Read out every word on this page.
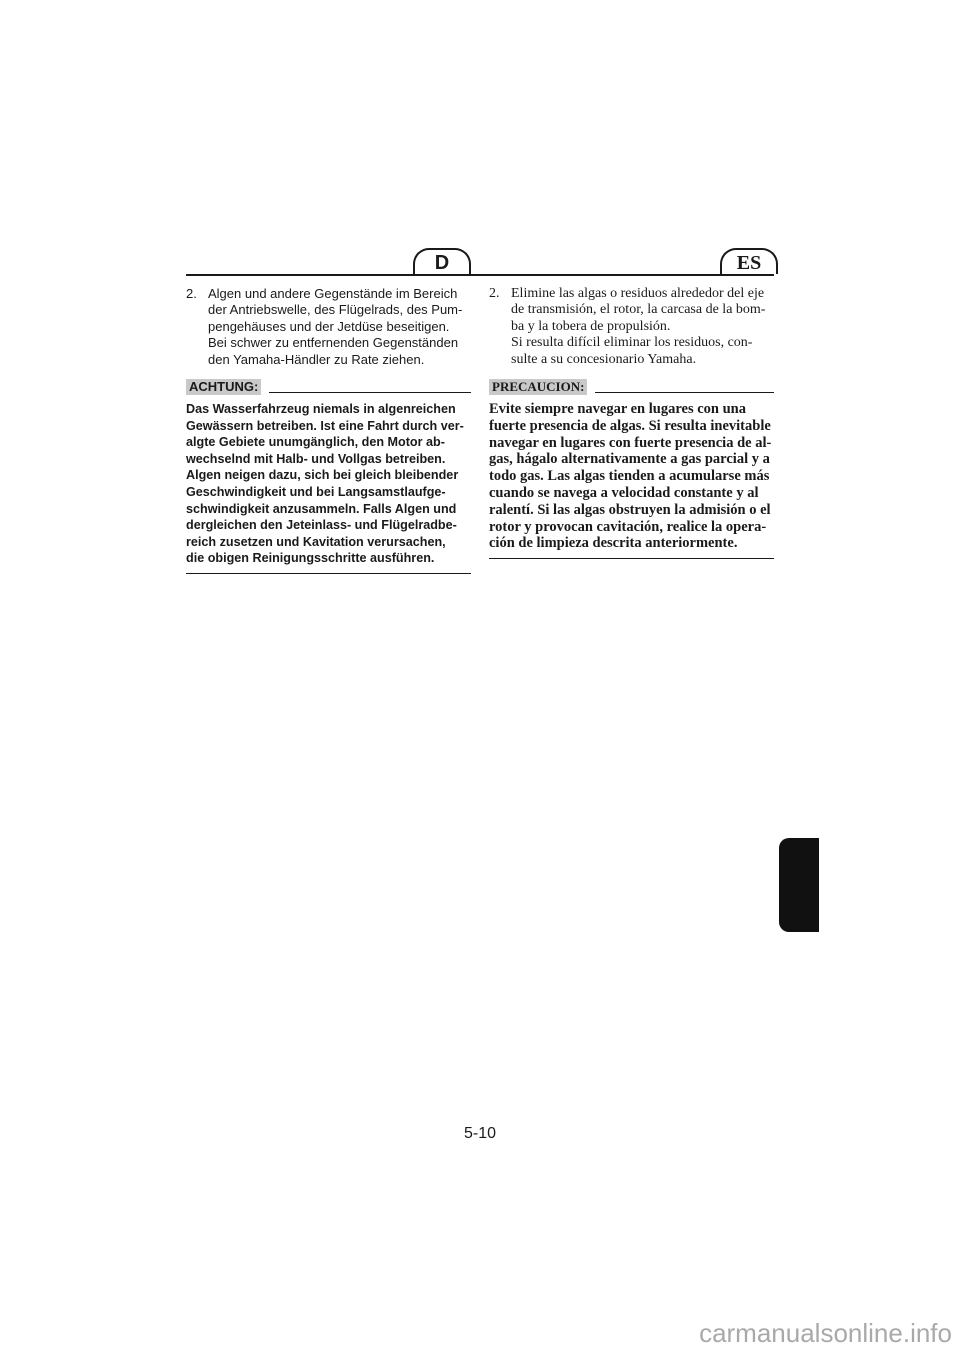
D	ES
2. Algen und andere Gegenstände im Bereich

der Antriebswelle, des Flügelrads, des Pum-

pengehäuses und der Jetdüse beseitigen.

Bei schwer zu entfernenden Gegenständen

den Yamaha-Händler zu Rate ziehen.

ACHTUNG:
Das Wasserfahrzeug niemals in algenreichen
Gewässern betreiben. Ist eine Fahrt durch ver-
algte Gebiete unumgänglich, den Motor ab-
wechselnd mit Halb- und Vollgas betreiben.
Algen neigen dazu, sich bei gleich bleibender
Geschwindigkeit und bei Langsamstlaufge-
schwindigkeit anzusammeln. Falls Algen und
dergleichen den Jeteinlass- und Flügelradbe-
reich zusetzen und Kavitation verursachen,
die obigen Reinigungsschritte ausführen.
2. Elimine las algas o residuos alrededor del eje

de transmisión, el rotor, la carcasa de la bom-

ba y la tobera de propulsión.

Si resulta difícil eliminar los residuos, con-

sulte a su concesionario Yamaha.

PRECAUCION:
Evite siempre navegar en lugares con una
fuerte presencia de algas. Si resulta inevitable
navegar en lugares con fuerte presencia de al-
gas, hágalo alternativamente a gas parcial y a
todo gas. Las algas tienden a acumularse más
cuando se navega a velocidad constante y al
ralentí. Si las algas obstruyen la admisión o el
rotor y provocan cavitación, realice la opera-
ción de limpieza descrita anteriormente.
5-10
carmanualsonline.info
